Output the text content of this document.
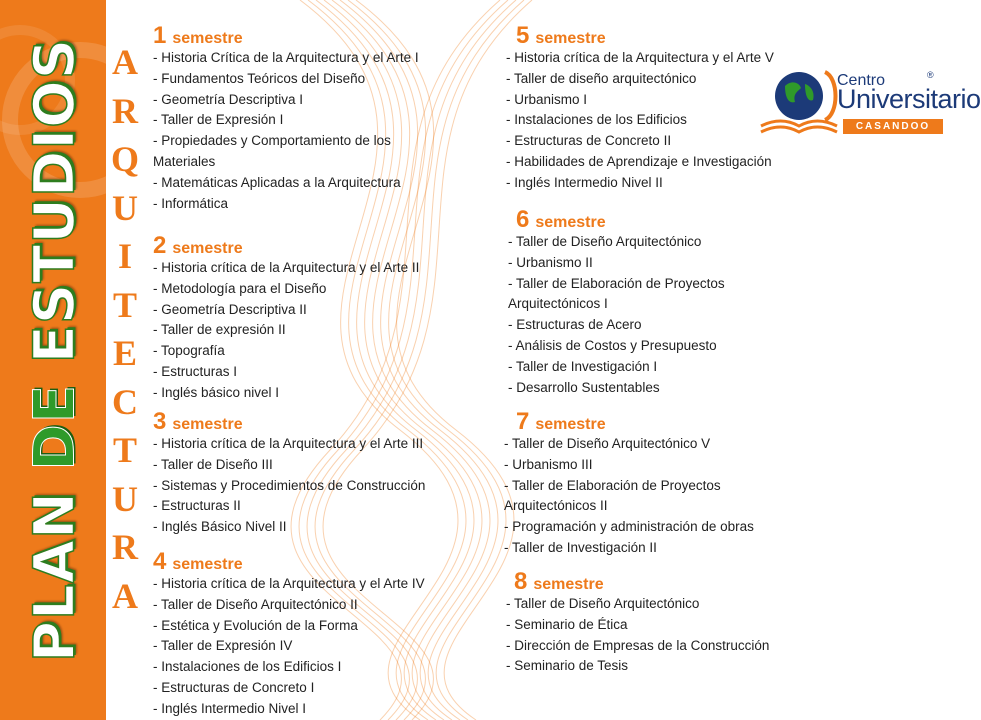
PLAN DE ESTUDIOS A
R
Q
U
I
T
E
C
T
U
R
A
1 semestre
- Historia Crítica de la Arquitectura y el Arte I
- Fundamentos Teóricos del Diseño
- Geometría Descriptiva I
- Taller de Expresión I
- Propiedades y Comportamiento de los Materiales
- Matemáticas Aplicadas a la Arquitectura
- Informática
2 semestre
- Historia crítica de la Arquitectura y el Arte II
- Metodología para el Diseño
- Geometría Descriptiva II
- Taller de expresión II
- Topografía
- Estructuras I
- Inglés básico nivel I
3 semestre
- Historia crítica de la Arquitectura y el Arte III
- Taller de Diseño III
- Sistemas y Procedimientos de Construcción
- Estructuras II
- Inglés Básico Nivel II
4 semestre
- Historia crítica de la Arquitectura y el Arte IV
- Taller de Diseño Arquitectónico II
- Estética y Evolución de la Forma
- Taller de Expresión IV
- Instalaciones de los Edificios I
- Estructuras de Concreto I
- Inglés Intermedio Nivel I
5 semestre
- Historia crítica de la Arquitectura y el Arte V
- Taller de diseño arquitectónico
- Urbanismo I
- Instalaciones de los Edificios
- Estructuras de Concreto II
- Habilidades de Aprendizaje e Investigación
- Inglés Intermedio Nivel II
6 semestre
- Taller de Diseño Arquitectónico
- Urbanismo II
- Taller de Elaboración de Proyectos Arquitectónicos I
- Estructuras de Acero
- Análisis de Costos y Presupuesto
- Taller de Investigación I
- Desarrollo Sustentables
7 semestre
- Taller de Diseño Arquitectónico V
- Urbanismo III
- Taller de Elaboración de Proyectos Arquitectónicos II
- Programación y administración de obras
- Taller de Investigación II
8 semestre
- Taller de Diseño Arquitectónico
- Seminario de Ética
- Dirección de Empresas de la Construcción
- Seminario de Tesis
Centro	®
Universitario
CASANDOO
